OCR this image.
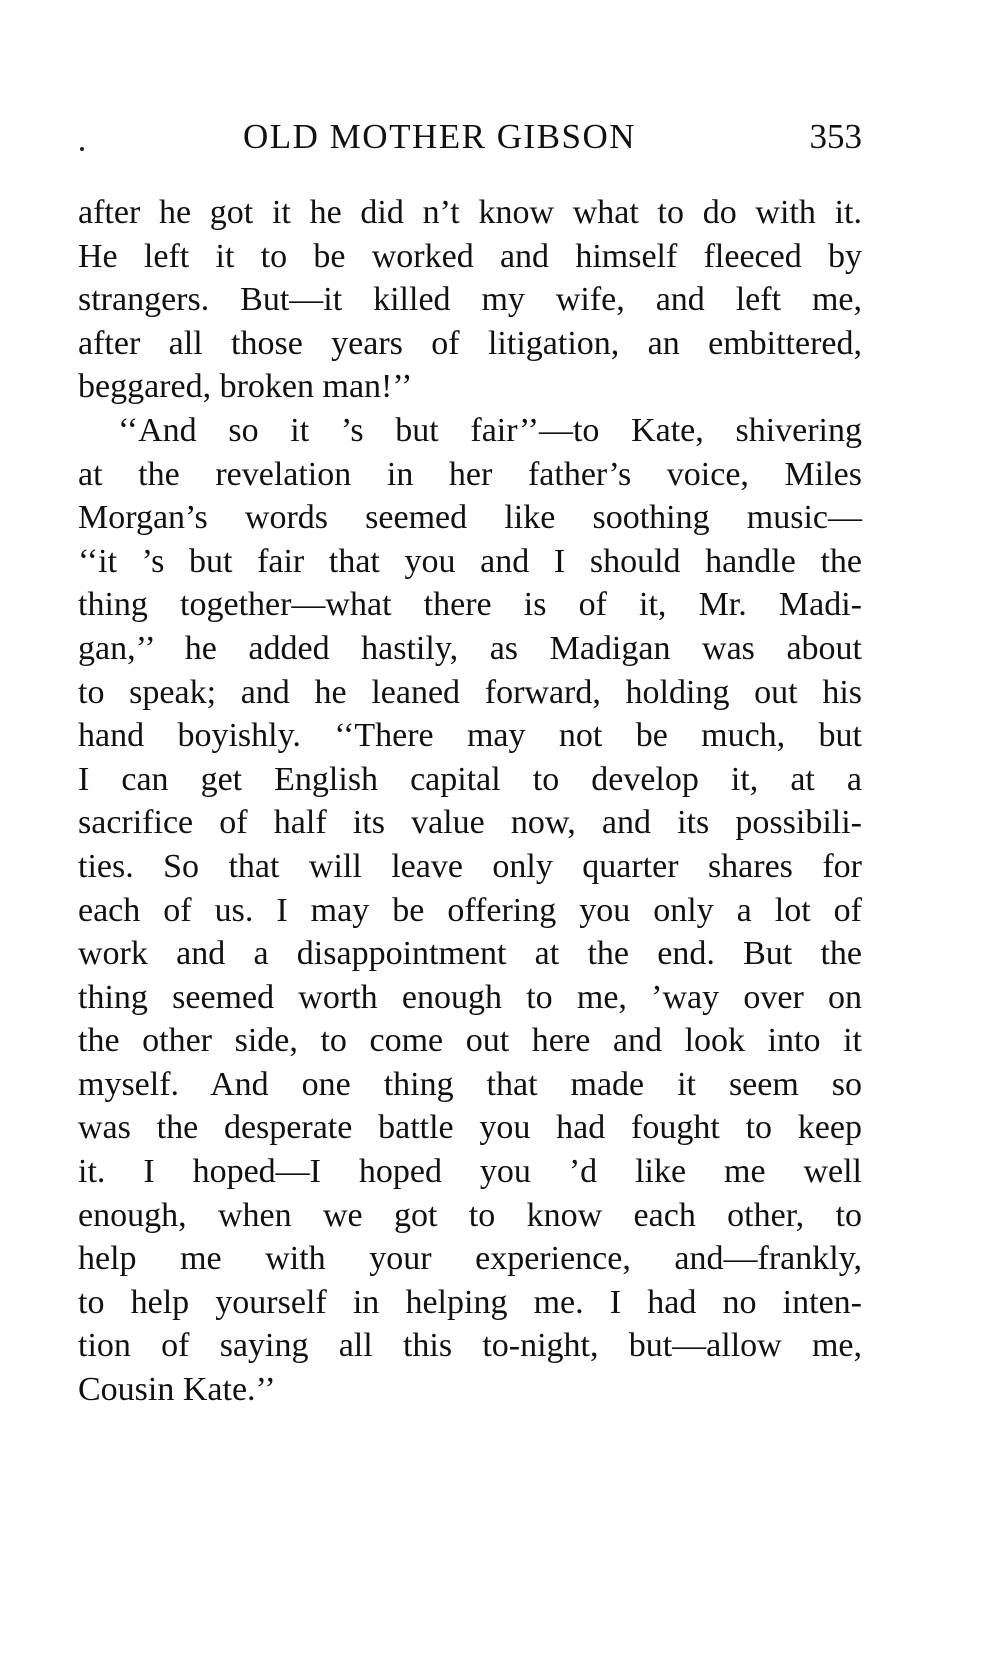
OLD MOTHER GIBSON	353
after he got it he did n’t know what to do with it.
He left it to be worked and himself fleeced by
strangers. But—it killed my wife, and left me,
after all those years of litigation, an embittered,
beggared, broken man!’’
‘‘And so it ’s but fair’’—to Kate, shivering
at the revelation in her father’s voice, Miles
Morgan’s words seemed like soothing music—
‘‘it ’s but fair that you and I should handle the
thing together—what there is of it, Mr. Madi-
gan,’’ he added hastily, as Madigan was about
to speak; and he leaned forward, holding out his
hand boyishly. ‘‘There may not be much, but
I can get English capital to develop it, at a
sacrifice of half its value now, and its possibili-
ties. So that will leave only quarter shares for
each of us. I may be offering you only a lot of
work and a disappointment at the end. But the
thing seemed worth enough to me, ’way over on
the other side, to come out here and look into it
myself. And one thing that made it seem so
was the desperate battle you had fought to keep
it. I hoped—I hoped you ’d like me well
enough, when we got to know each other, to
help me with your experience, and—frankly,
to help yourself in helping me. I had no inten-
tion of saying all this to-night, but—allow me,
Cousin Kate.’’
